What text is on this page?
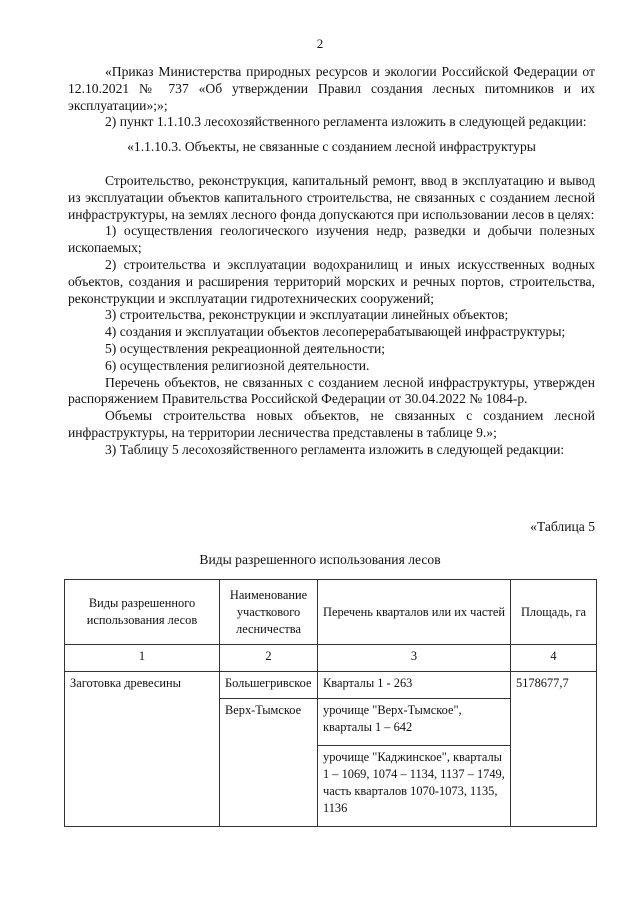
2

«Приказ Министерства природных ресурсов и экологии Российской Федерации от 12.10.2021 № 737 «Об утверждении Правил создания лесных питомников и их эксплуатации»;»;

2) пункт 1.1.10.3 лесохозяйственного регламента изложить в следующей редакции:

«1.1.10.3. Объекты, не связанные с созданием лесной инфраструктуры

Строительство, реконструкция, капитальный ремонт, ввод в эксплуатацию и вывод из эксплуатации объектов капитального строительства, не связанных с созданием лесной инфраструктуры, на землях лесного фонда допускаются при использовании лесов в целях:

1) осуществления геологического изучения недр, разведки и добычи полезных ископаемых;

2) строительства и эксплуатации водохранилищ и иных искусственных водных объектов, создания и расширения территорий морских и речных портов, строительства, реконструкции и эксплуатации гидротехнических сооружений;

3) строительства, реконструкции и эксплуатации линейных объектов;

4) создания и эксплуатации объектов лесоперерабатывающей инфраструктуры;

5) осуществления рекреационной деятельности;

6) осуществления религиозной деятельности.

Перечень объектов, не связанных с созданием лесной инфраструктуры, утвержден распоряжением Правительства Российской Федерации от 30.04.2022 № 1084-р.

Объемы строительства новых объектов, не связанных с созданием лесной инфраструктуры, на территории лесничества представлены в таблице 9.»;

3) Таблицу 5 лесохозяйственного регламента изложить в следующей редакции:

«Таблица 5
Виды разрешенного использования лесов
Виды разрешенного использования лесов	Наименование участкового лесничества	Перечень кварталов или их частей	Площадь, га
1	2	3	4
Заготовка древесины	Большегривское	Кварталы 1 - 263	5178677,7
	Верх-Тымское	урочище "Верх-Тымское", кварталы 1 – 642	
		урочище "Каджинское", кварталы 1 – 1069, 1074 – 1134, 1137 – 1749, часть кварталов 1070-1073, 1135, 1136	
